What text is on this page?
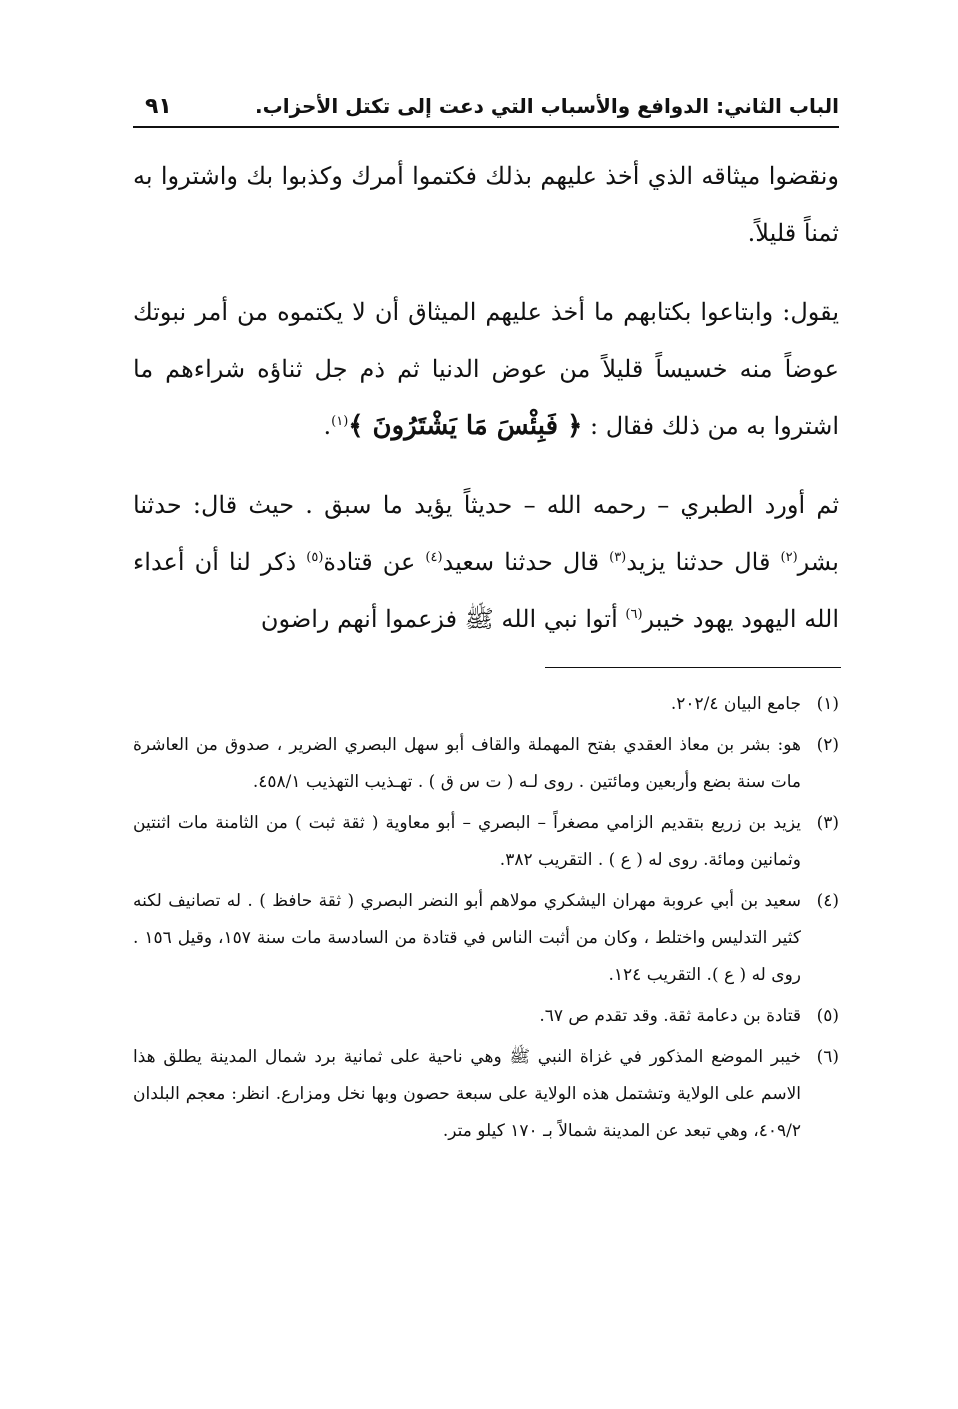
الباب الثاني: الدوافع والأسباب التي دعت إلى تكتل الأحزاب.
٩١

ونقضوا ميثاقه الذي أخذ عليهم بذلك فكتموا أمرك وكذبوا بك واشتروا به ثمناً قليلاً.

يقول: وابتاعوا بكتابهم ما أخذ عليهم الميثاق أن لا يكتموه من أمر نبوتك عوضاً منه خسيساً قليلاً من عوض الدنيا ثم ذم جل ثناؤه شراءهم ما اشتروا به من ذلك فقال : ﴿ فَبِئْسَ مَا يَشْتَرُونَ ﴾$^{(١)}$.

ثم أورد الطبري – رحمه الله – حديثاً يؤيد ما سبق . حيث قال: حدثنا بشر$^{(٢)}$ قال حدثنا يزيد$^{(٣)}$ قال حدثنا سعيد$^{(٤)}$ عن قتادة$^{(٥)}$ ذكر لنا أن أعداء الله اليهود يهود خيبر$^{(٦)}$ أتوا نبي الله ﷺ فزعموا أنهم راضون

(١)
جامع البيان ٢٠٢/٤.
(٢)
هو: بشر بن معاذ العقدي بفتح المهملة والقاف أبو سهل البصري الضرير ، صدوق من العاشرة مات سنة بضع وأربعين ومائتين . روى لـه ( ت س ق ) . تهـذيب التهذيب ٤٥٨/١.
(٣)
يزيد بن زريع بتقديم الزامي مصغراً – البصري – أبو معاوية ( ثقة ثبت ) من الثامنة مات اثنتين وثمانين ومائة. روى له ( ع ) . التقريب ٣٨٢.
(٤)
سعيد بن أبي عروبة مهران اليشكري مولاهم أبو النضر البصري ( ثقة حافظ ) . له تصانيف لكنه كثير التدليس واختلط ، وكان من أثبت الناس في قتادة من السادسة مات سنة ١٥٧، وقيل ١٥٦ . روى له ( ع ). التقريب ١٢٤.
(٥)
قتادة بن دعامة ثقة. وقد تقدم ص ٦٧.
(٦)
خيبر الموضع المذكور في غزاة النبي ﷺ وهي ناحية على ثمانية برد شمال المدينة يطلق هذا الاسم على الولاية وتشتمل هذه الولاية على سبعة حصون وبها نخل ومزارع. انظر: معجم البلدان ٤٠٩/٢، وهي تبعد عن المدينة شمالاً بـ ١٧٠ كيلو متر.
